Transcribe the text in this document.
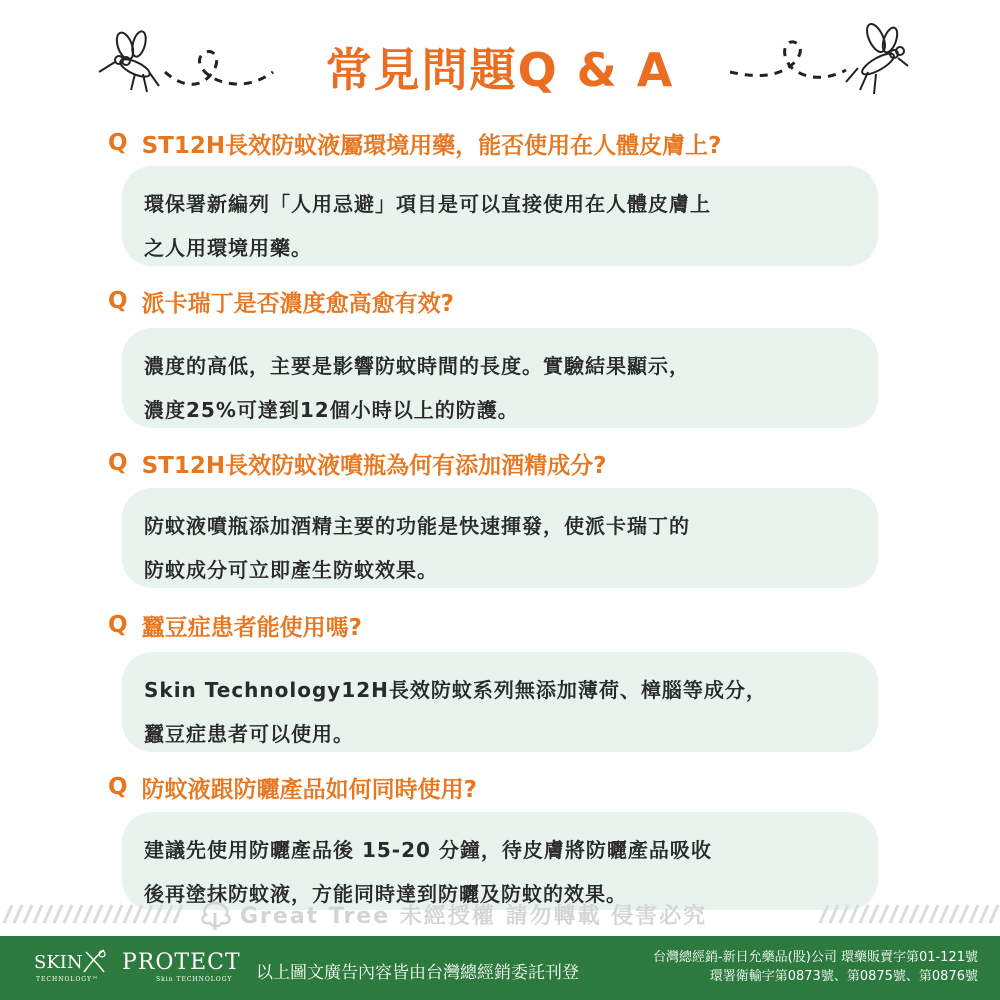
常見問題Q & A
Q ST12H長效防蚊液屬環境用藥，能否使用在人體皮膚上?
環保署新編列「人用忌避」項目是可以直接使用在人體皮膚上
之人用環境用藥。
Q 派卡瑞丁是否濃度愈高愈有效?
濃度的高低，主要是影響防蚊時間的長度。實驗結果顯示，
濃度25%可達到12個小時以上的防護。
Q ST12H長效防蚊液噴瓶為何有添加酒精成分?
防蚊液噴瓶添加酒精主要的功能是快速揮發，使派卡瑞丁的
防蚊成分可立即產生防蚊效果。
Q 蠶豆症患者能使用嗎?
Skin Technology12H長效防蚊系列無添加薄荷、樟腦等成分，
蠶豆症患者可以使用。
Q 防蚊液跟防曬產品如何同時使用?
建議先使用防曬產品後 15-20 分鐘，待皮膚將防曬產品吸收
後再塗抹防蚊液，方能同時達到防曬及防蚊的效果。
Great Tree 未經授權 請勿轉載 侵害必究
SKIN
TECHNOLOGY™
PROTECT
Skin TECHNOLOGY 以上圖文廣告內容皆由台灣總經銷委託刊登
台灣總經銷-新日允藥品(股)公司 環藥販賣字第01-121號
環署衛輸字第0873號、第0875號、第0876號
